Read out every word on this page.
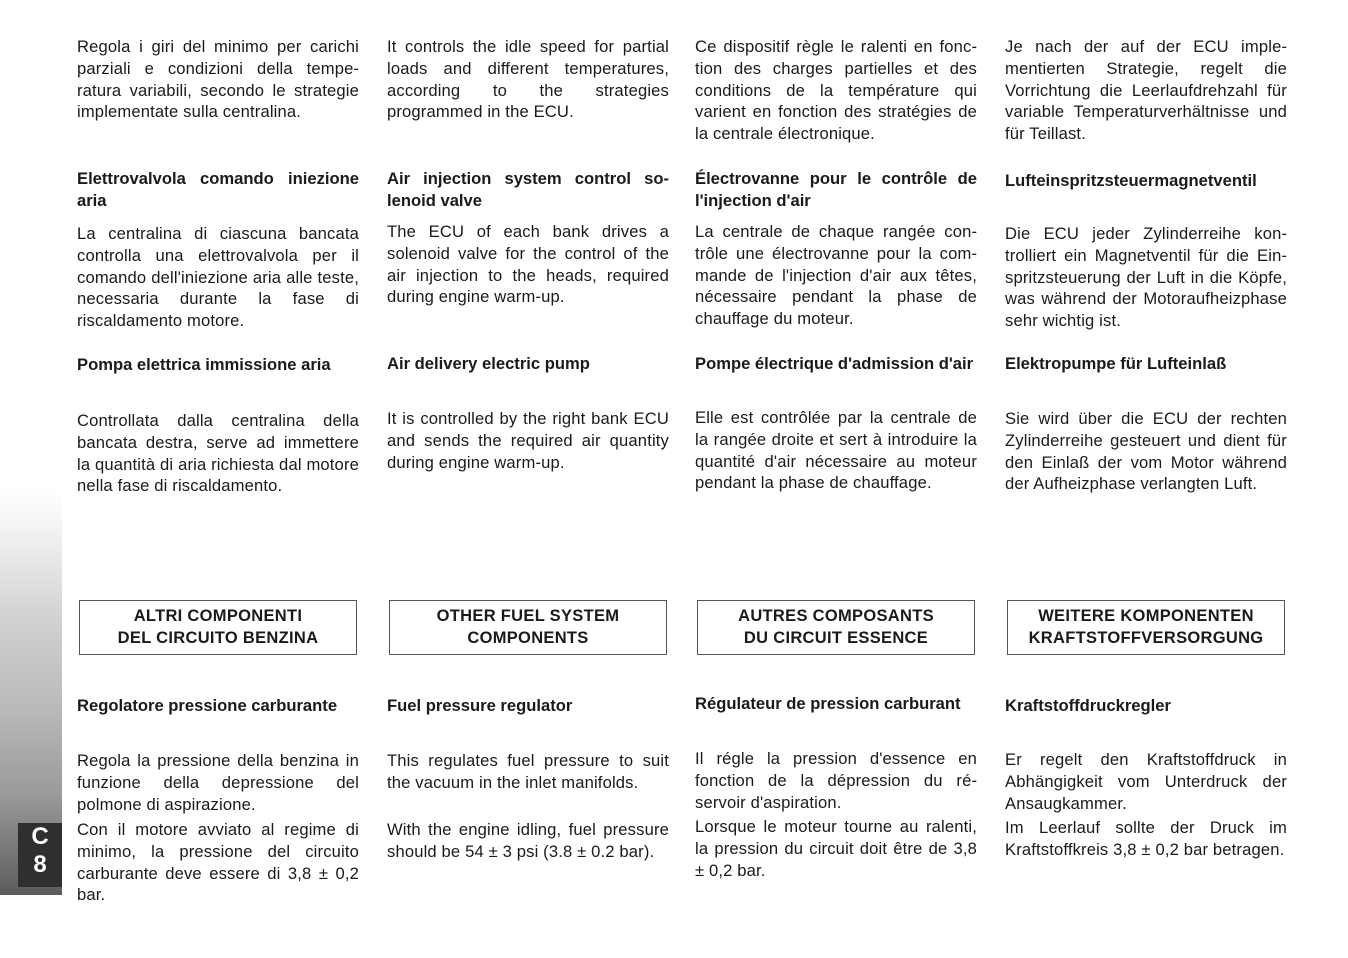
C
8

Regola i giri del minimo per carichi parziali e condizioni della temperatura variabili, secondo le strategie implementate sulla centralina.

Elettrovalvola comando iniezione aria

La centralina di ciascuna bancata controlla una elettrovalvola per il comando dell'iniezione aria alle teste, necessaria durante la fase di riscaldamento motore.

Pompa elettrica immissione aria

Controllata dalla centralina della bancata destra, serve ad immettere la quantità di aria richiesta dal motore nella fase di riscaldamento.

ALTRI COMPONENTI
DEL CIRCUITO BENZINA

Regolatore pressione carburante

Regola la pressione della benzina in funzione della depressione del polmone di aspirazione.

Con il motore avviato al regime di minimo, la pressione del circuito carburante deve essere di 3,8 ± 0,2 bar.

It controls the idle speed for partial loads and different temperatures, according to the strategies programmed in the ECU.

Air injection system control solenoid valve

The ECU of each bank drives a solenoid valve for the control of the air injection to the heads, required during engine warm-up.

Air delivery electric pump

It is controlled by the right bank ECU and sends the required air quantity during engine warm-up.

OTHER FUEL SYSTEM
COMPONENTS

Fuel pressure regulator

This regulates fuel pressure to suit the vacuum in the inlet manifolds.

With the engine idling, fuel pressure should be 54 ± 3 psi (3.8 ± 0.2 bar).

Ce dispositif règle le ralenti en fonction des charges partielles et des conditions de la température qui varient en fonction des stratégies de la centrale électronique.

Électrovanne pour le contrôle de l'injection d'air

La centrale de chaque rangée contrôle une électrovanne pour la commande de l'injection d'air aux têtes, nécessaire pendant la phase de chauffage du moteur.

Pompe électrique d'admission d'air

Elle est contrôlée par la centrale de la rangée droite et sert à introduire la quantité d'air nécessaire au moteur pendant la phase de chauffage.

AUTRES COMPOSANTS
DU CIRCUIT ESSENCE

Régulateur de pression carburant

Il régle la pression d'essence en fonction de la dépression du réservoir d'aspiration.

Lorsque le moteur tourne au ralenti, la pression du circuit doit être de 3,8 ± 0,2 bar.

Je nach der auf der ECU implementierten Strategie, regelt die Vorrichtung die Leerlaufdrehzahl für variable Temperaturverhältnisse und für Teillast.

Lufteinspritzsteuermagnetventil

Die ECU jeder Zylinderreihe kontrolliert ein Magnetventil für die Einspritzsteuerung der Luft in die Köpfe, was während der Motoraufheizphase sehr wichtig ist.

Elektropumpe für Lufteinlaß

Sie wird über die ECU der rechten Zylinderreihe gesteuert und dient für den Einlaß der vom Motor während der Aufheizphase verlangten Luft.

WEITERE KOMPONENTEN
KRAFTSTOFFVERSORGUNG

Kraftstoffdruckregler

Er regelt den Kraftstoffdruck in Abhängigkeit vom Unterdruck der Ansaugkammer.

Im Leerlauf sollte der Druck im Kraftstoffkreis 3,8 ± 0,2 bar betragen.
